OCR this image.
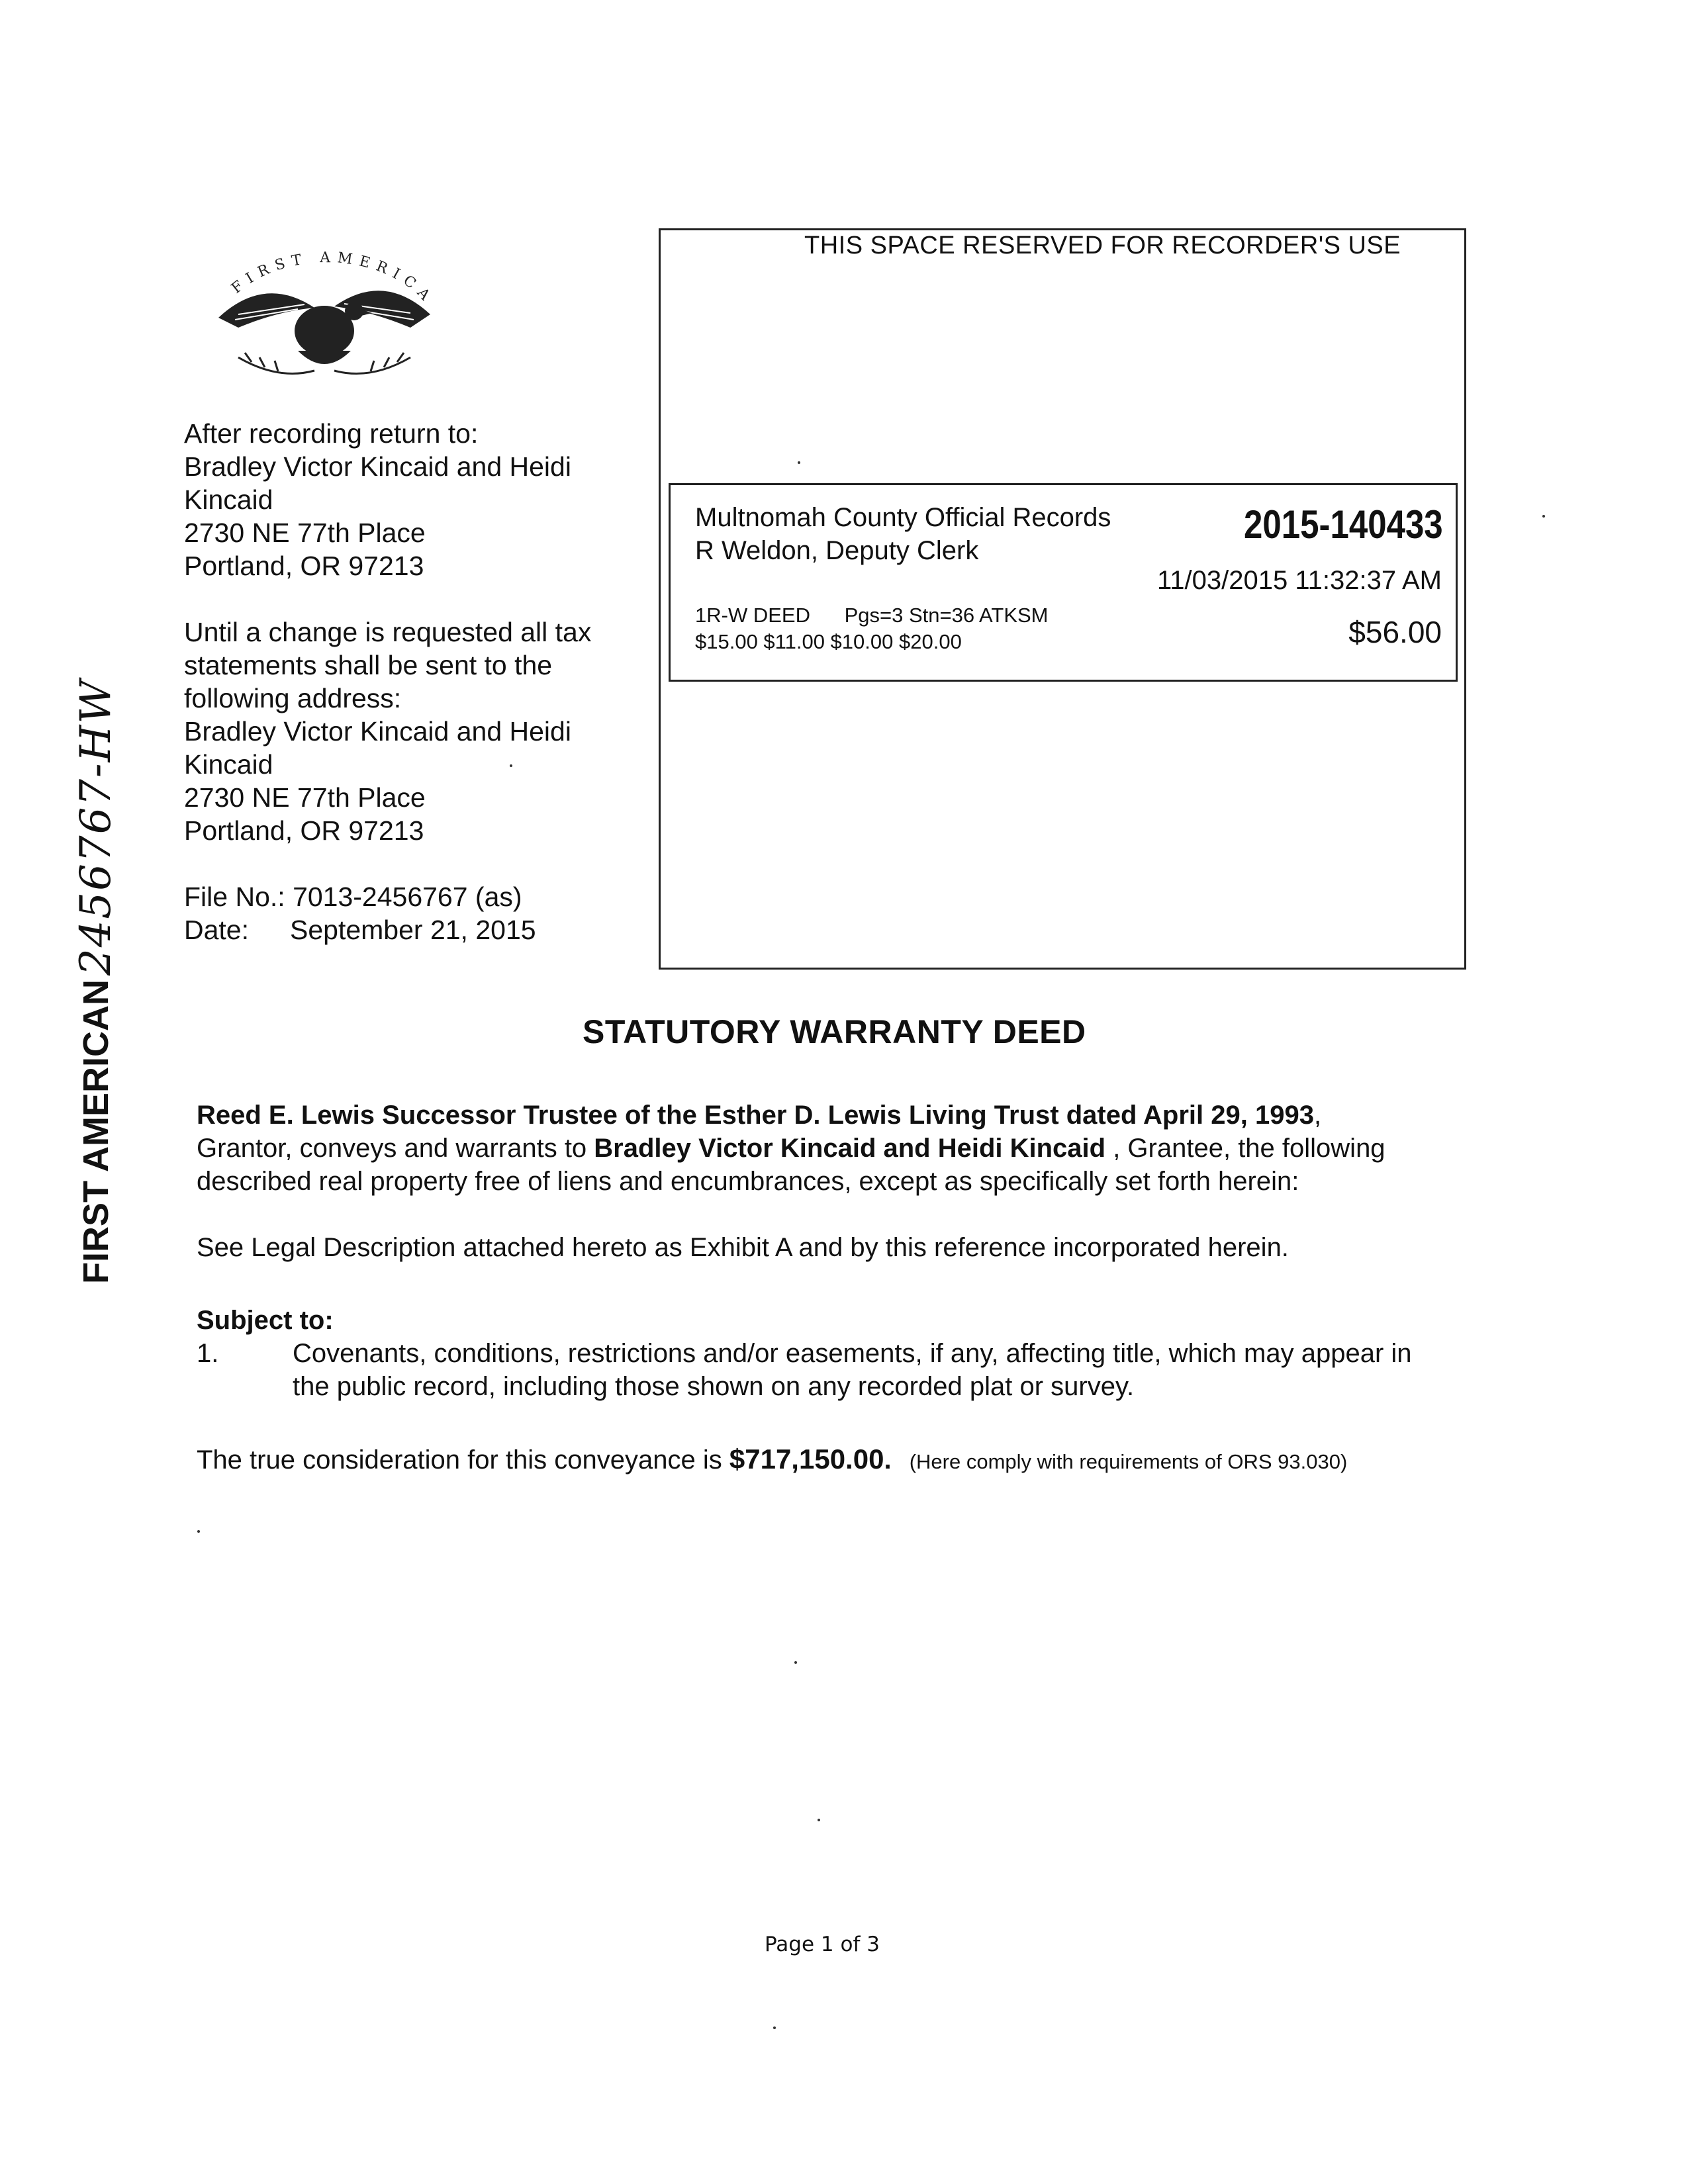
FIRST AMERICA
THIS SPACE RESERVED FOR RECORDER'S USE
Multnomah County Official Records
R Weldon, Deputy Clerk
2015-140433
11/03/2015 11:32:37 AM
1R-W DEED      Pgs=3 Stn=36 ATKSM
$15.00 $11.00 $10.00 $20.00	$56.00
After recording return to:
Bradley Victor Kincaid and Heidi
Kincaid
2730 NE 77th Place
Portland, OR 97213
Until a change is requested all tax
statements shall be sent to the
following address:
Bradley Victor Kincaid and Heidi
Kincaid
2730 NE 77th Place
Portland, OR 97213
File No.: 7013-2456767 (as)
Date: September 21, 2015
FIRST AMERICAN
2456767-HW
STATUTORY WARRANTY DEED
Reed E. Lewis Successor Trustee of the Esther D. Lewis Living Trust dated April 29, 1993,
Grantor, conveys and warrants to Bradley Victor Kincaid and Heidi Kincaid , Grantee, the following
described real property free of liens and encumbrances, except as specifically set forth herein:
See Legal Description attached hereto as Exhibit A and by this reference incorporated herein.
Subject to:
1.	Covenants, conditions, restrictions and/or easements, if any, affecting title, which may appear in
the public record, including those shown on any recorded plat or survey.
The true consideration for this conveyance is $717,150.00. (Here comply with requirements of ORS 93.030)
Page 1 of 3
